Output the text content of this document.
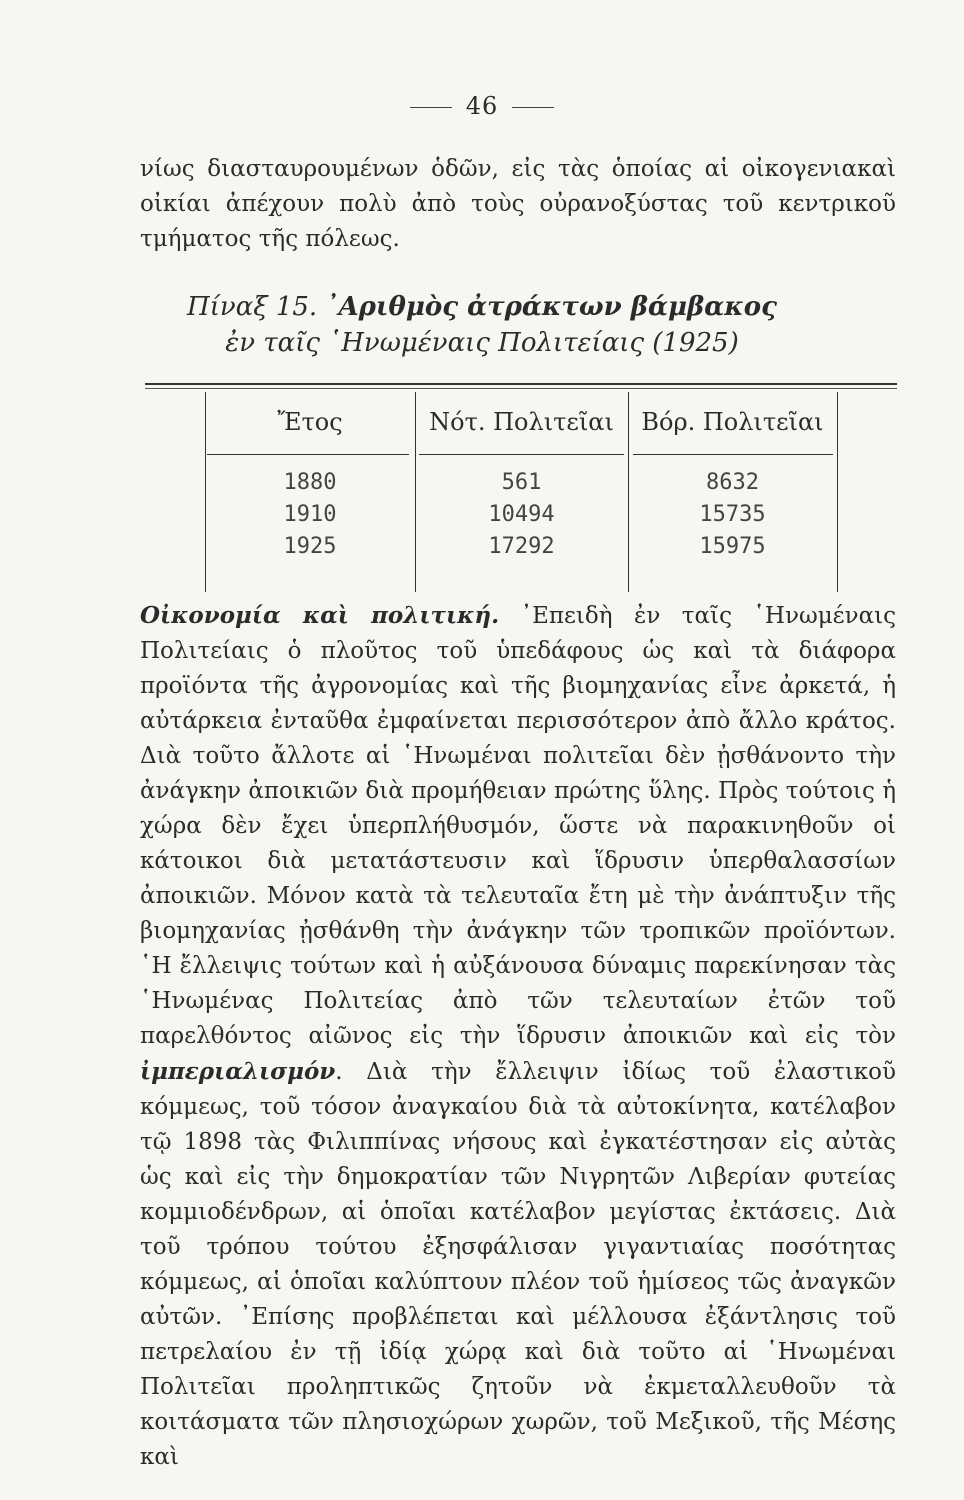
46

νίως διασταυρουμένων ὁδῶν, εἰς τὰς ὁποίας αἱ οἰκογενιακαὶ οἰκίαι ἀπέχουν πολὺ ἀπὸ τοὺς οὐρανοξύστας τοῦ κεντρικοῦ τμήματος τῆς πόλεως.

Πίναξ 15. ᾿Αριθμὸς ἀτράκτων βάμβακος
ἐν ταῖς ῾Ηνωμέναις Πολιτείαις (1925)
Ἔτος	Νότ. Πολιτεῖαι	Βόρ. Πολιτεῖαι
1880	561	8632
1910	10494	15735
1925	17292	15975

Οἰκονομία καὶ πολιτική. ᾿Επειδὴ ἐν ταῖς ῾Ηνωμέναις Πολιτείαις ὁ πλοῦτος τοῦ ὑπεδάφους ὡς καὶ τὰ διάφορα προϊόντα τῆς ἀγρονομίας καὶ τῆς βιομηχανίας εἶνε ἀρκετά, ἡ αὐτάρκεια ἐνταῦθα ἐμφαίνεται περισσότερον ἀπὸ ἄλλο κράτος. Διὰ τοῦτο ἄλλοτε αἱ ῾Ηνωμέναι πολιτεῖαι δὲν ᾐσθάνοντο τὴν ἀνάγκην ἀποικιῶν διὰ προμήθειαν πρώτης ὕλης. Πρὸς τούτοις ἡ χώρα δὲν ἔχει ὑπερπλήθυσμόν, ὥστε νὰ παρακινηθοῦν οἱ κάτοικοι διὰ μετατάστευσιν καὶ ἵδρυσιν ὑπερθαλασσίων ἀποικιῶν. Μόνον κατὰ τὰ τελευταῖα ἔτη μὲ τὴν ἀνάπτυξιν τῆς βιομηχανίας ᾐσθάνθη τὴν ἀνάγκην τῶν τροπικῶν προϊόντων. ῾Η ἔλλειψις τούτων καὶ ἡ αὐξάνουσα δύναμις παρεκίνησαν τὰς ῾Ηνωμένας Πολιτείας ἀπὸ τῶν τελευταίων ἐτῶν τοῦ παρελθόντος αἰῶνος εἰς τὴν ἵδρυσιν ἀποικιῶν καὶ εἰς τὸν ἰμπεριαλισμόν. Διὰ τὴν ἔλλειψιν ἰδίως τοῦ ἐλαστικοῦ κόμμεως, τοῦ τόσον ἀναγκαίου διὰ τὰ αὐτοκίνητα, κατέλαβον τῷ 1898 τὰς Φιλιππίνας νήσους καὶ ἐγκατέστησαν εἰς αὐτὰς ὡς καὶ εἰς τὴν δημοκρατίαν τῶν Νιγρητῶν Λιβερίαν φυτείας κομμιοδένδρων, αἱ ὁποῖαι κατέλαβον μεγίστας ἐκτάσεις. Διὰ τοῦ τρόπου τούτου ἐξησφάλισαν γιγαντιαίας ποσότητας κόμμεως, αἱ ὁποῖαι καλύπτουν πλέον τοῦ ἡμίσεος τῶς ἀναγκῶν αὐτῶν. ᾿Επίσης προβλέπεται καὶ μέλλουσα ἐξάντλησις τοῦ πετρελαίου ἐν τῇ ἰδίᾳ χώρᾳ καὶ διὰ τοῦτο αἱ ῾Ηνωμέναι Πολιτεῖαι προληπτικῶς ζητοῦν νὰ ἐκμεταλλευθοῦν τὰ κοιτάσματα τῶν πλησιοχώρων χωρῶν, τοῦ Μεξικοῦ, τῆς Μέσης καὶ
